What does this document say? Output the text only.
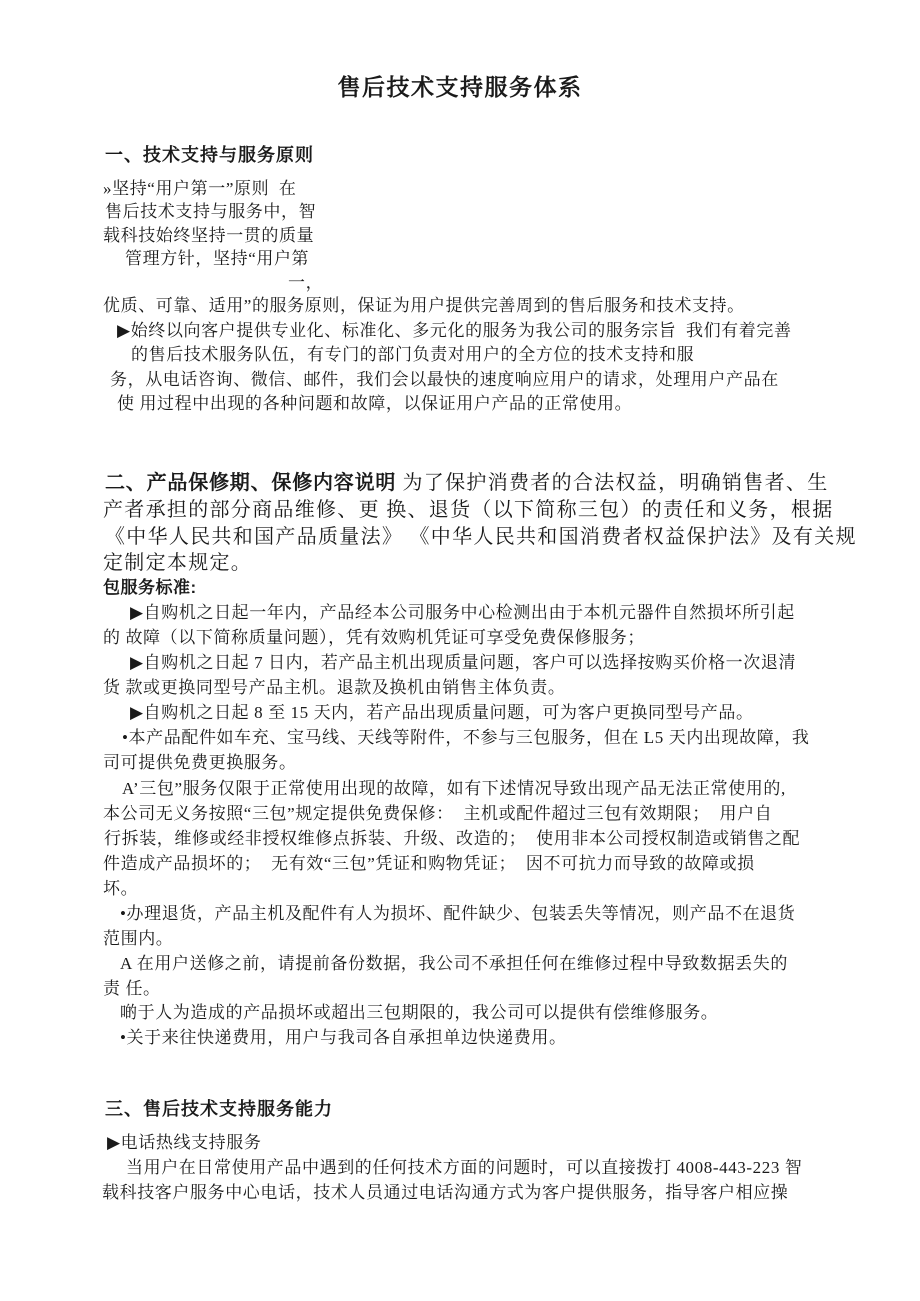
售后技术支持服务体系
一、技术支持与服务原则
»坚持“用户第一”原则  在
售后技术支持与服务中，智
载科技始终坚持一贯的质量
管理方针，坚持“用户第
一，
优质、可靠、适用”的服务原则，保证为用户提供完善周到的售后服务和技术支持。
▶始终以向客户提供专业化、标准化、多元化的服务为我公司的服务宗旨  我们有着完善
的售后技术服务队伍，有专门的部门负责对用户的全方位的技术支持和服
务，从电话咨询、微信、邮件，我们会以最快的速度响应用户的请求，处理用户产品在
使 用过程中出现的各种问题和故障，以保证用户产品的正常使用。
二、产品保修期、保修内容说明 为了保护消费者的合法权益，明确销售者、生
产者承担的部分商品维修、更 换、退货（以下简称三包）的责任和义务，根据
《中华人民共和国产品质量法》 《中华人民共和国消费者权益保护法》及有关规
定制定本规定。
包服务标准:
▶自购机之日起一年内，产品经本公司服务中心检测出由于本机元器件自然损坏所引起
的 故障（以下简称质量问题），凭有效购机凭证可享受免费保修服务；
▶自购机之日起 7 日内，若产品主机出现质量问题，客户可以选择按购买价格一次退清
货 款或更换同型号产品主机。退款及换机由销售主体负责。
▶自购机之日起 8 至 15 天内，若产品出现质量问题，可为客户更换同型号产品。
•本产品配件如车充、宝马线、天线等附件，不参与三包服务，但在 L5 天内出现故障，我
司可提供免费更换服务。
A’三包”服务仅限于正常使用出现的故障，如有下述情况导致出现产品无法正常使用的,
本公司无义务按照“三包”规定提供免费保修：  主机或配件超过三包有效期限；  用户自
行拆装，维修或经非授权维修点拆装、升级、改造的；  使用非本公司授权制造或销售之配
件造成产品损坏的；  无有效“三包”凭证和购物凭证；  因不可抗力而导致的故障或损
坏。
•办理退货，产品主机及配件有人为损坏、配件缺少、包装丢失等情况，则产品不在退货
范围内。
A 在用户送修之前，请提前备份数据，我公司不承担任何在维修过程中导致数据丢失的
责 任。
啲于人为造成的产品损坏或超出三包期限的，我公司可以提供有偿维修服务。
•关于来往快递费用，用户与我司各自承担单边快递费用。
三、售后技术支持服务能力
▶电话热线支持服务
当用户在日常使用产品中遇到的任何技术方面的问题时，可以直接拨打 4008-443-223 智
载科技客户服务中心电话，技术人员通过电话沟通方式为客户提供服务，指导客户相应操
